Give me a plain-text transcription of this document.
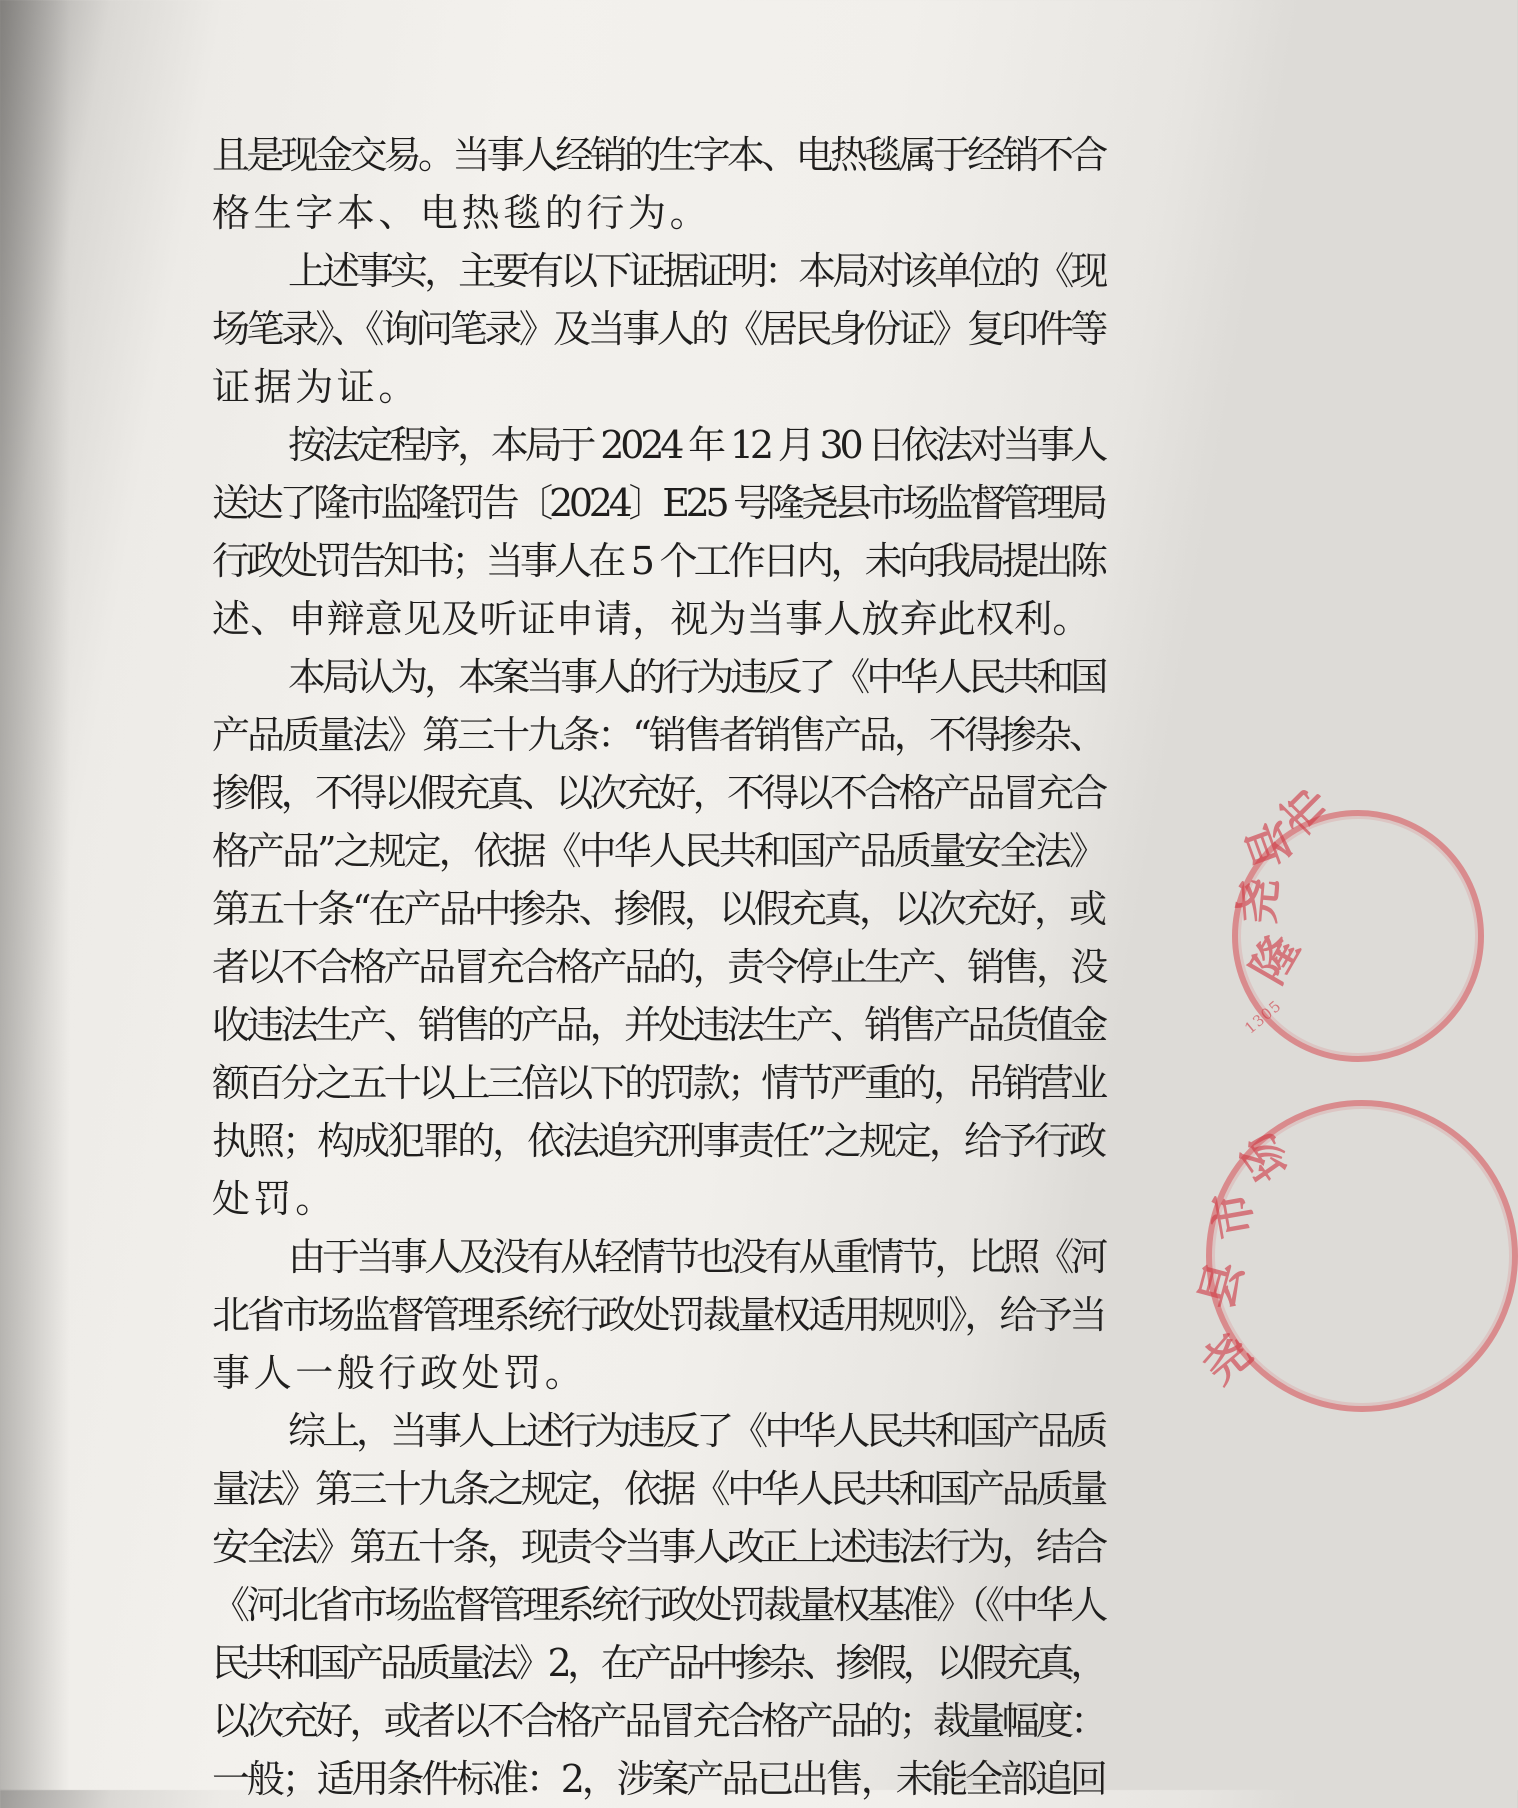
且是现金交易。当事人经销的生字本、电热毯属于经销不合
格生字本、电热毯的行为。
上述事实，主要有以下证据证明：本局对该单位的《现
场笔录》、《询问笔录》及当事人的《居民身份证》复印件等
证据为证。
按法定程序，本局于 2024 年 12 月 30 日依法对当事人
送达了隆市监隆罚告〔2024〕E25 号隆尧县市场监督管理局
行政处罚告知书；当事人在 5 个工作日内，未向我局提出陈
述、申辩意见及听证申请，视为当事人放弃此权利。
本局认为，本案当事人的行为违反了《中华人民共和国
产品质量法》第三十九条：“销售者销售产品，不得掺杂、
掺假，不得以假充真、以次充好，不得以不合格产品冒充合
格产品”之规定，依据《中华人民共和国产品质量安全法》
第五十条“在产品中掺杂、掺假，以假充真，以次充好，或
者以不合格产品冒充合格产品的，责令停止生产、销售，没
收违法生产、销售的产品，并处违法生产、销售产品货值金
额百分之五十以上三倍以下的罚款；情节严重的，吊销营业
执照；构成犯罪的，依法追究刑事责任”之规定，给予行政
处罚。
由于当事人及没有从轻情节也没有从重情节，比照《河
北省市场监督管理系统行政处罚裁量权适用规则》，给予当
事人一般行政处罚。
综上，当事人上述行为违反了《中华人民共和国产品质
量法》第三十九条之规定，依据《中华人民共和国产品质量
安全法》第五十条，现责令当事人改正上述违法行为，结合
《河北省市场监督管理系统行政处罚裁量权基准》（《中华人
民共和国产品质量法》2，在产品中掺杂、掺假，以假充真，
以次充好，或者以不合格产品冒充合格产品的；裁量幅度：
一般；适用条件标准：2，涉案产品已出售，未能全部追回
隆
尧
县
市
1305
尧
县
市
场
